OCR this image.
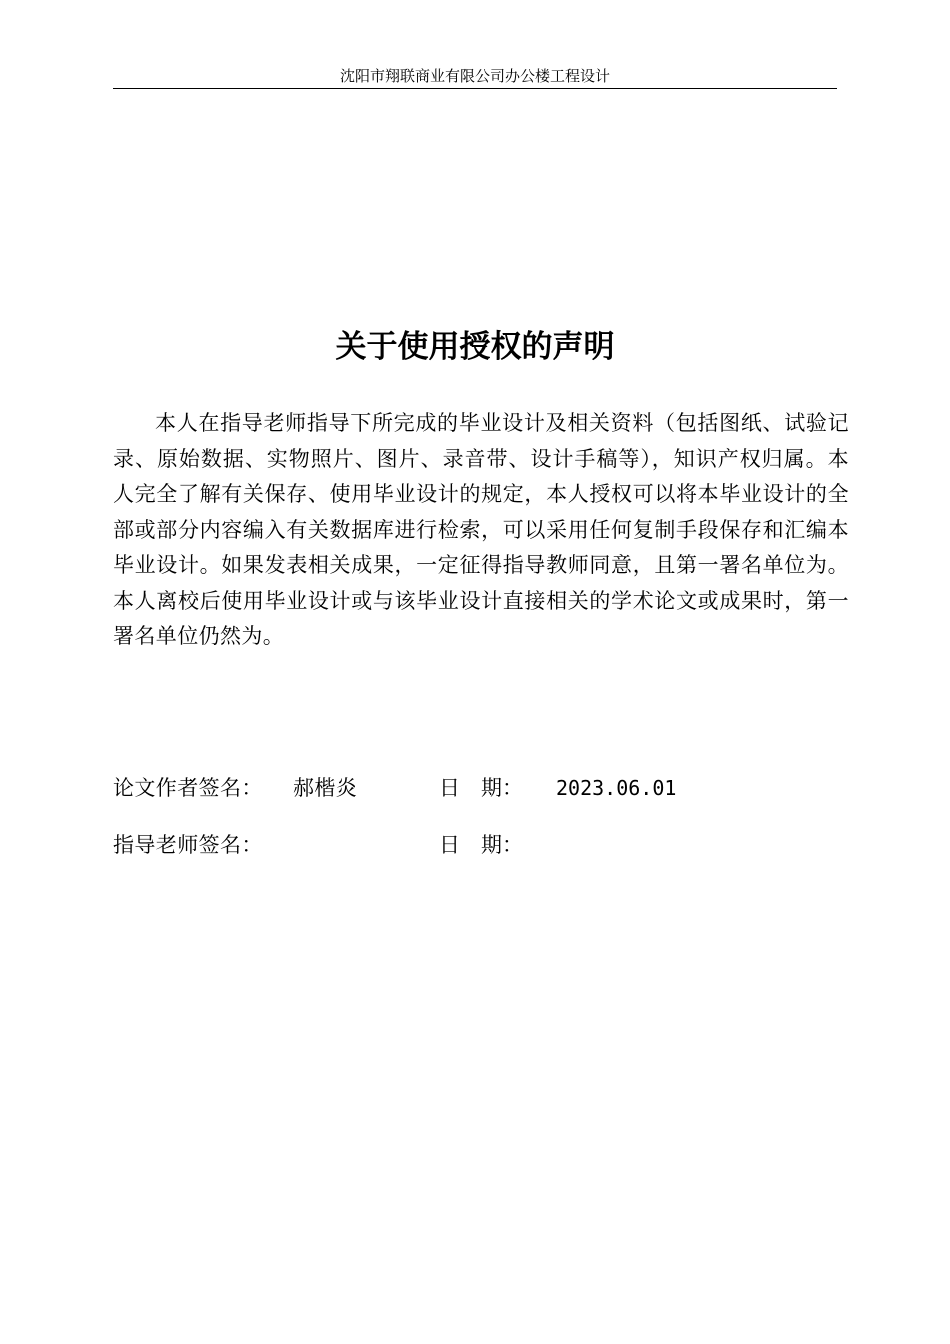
沈阳市翔联商业有限公司办公楼工程设计
关于使用授权的声明
本人在指导老师指导下所完成的毕业设计及相关资料（包括图纸、试验记录、原始数据、实物照片、图片、录音带、设计手稿等），知识产权归属。本人完全了解有关保存、使用毕业设计的规定，本人授权可以将本毕业设计的全部或部分内容编入有关数据库进行检索，可以采用任何复制手段保存和汇编本毕业设计。如果发表相关成果，一定征得指导教师同意，且第一署名单位为。本人离校后使用毕业设计或与该毕业设计直接相关的学术论文或成果时，第一署名单位仍然为。
论文作者签名： 郝楷炎	日　期： 2023.06.01
指导老师签名：	日　期：
